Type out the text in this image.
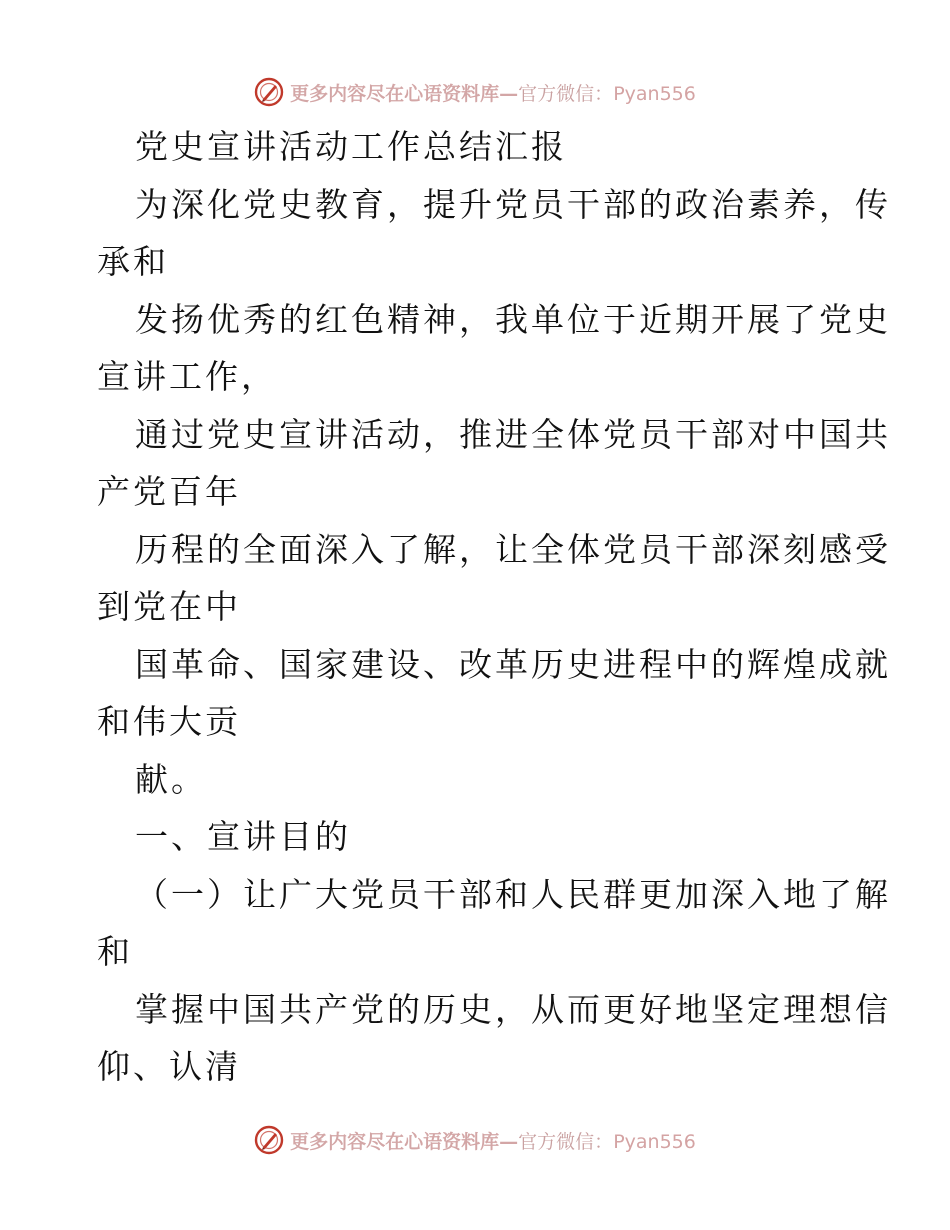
更多内容尽在心语资料库—官方微信：Pyan556
党史宣讲活动工作总结汇报
为深化党史教育，提升党员干部的政治素养，传
承和
发扬优秀的红色精神，我单位于近期开展了党史
宣讲工作，
通过党史宣讲活动，推进全体党员干部对中国共
产党百年
历程的全面深入了解，让全体党员干部深刻感受
到党在中
国革命、国家建设、改革历史进程中的辉煌成就
和伟大贡
献。
一、宣讲目的
（一）让广大党员干部和人民群更加深入地了解
和
掌握中国共产党的历史，从而更好地坚定理想信
仰、认清
更多内容尽在心语资料库—官方微信：Pyan556
